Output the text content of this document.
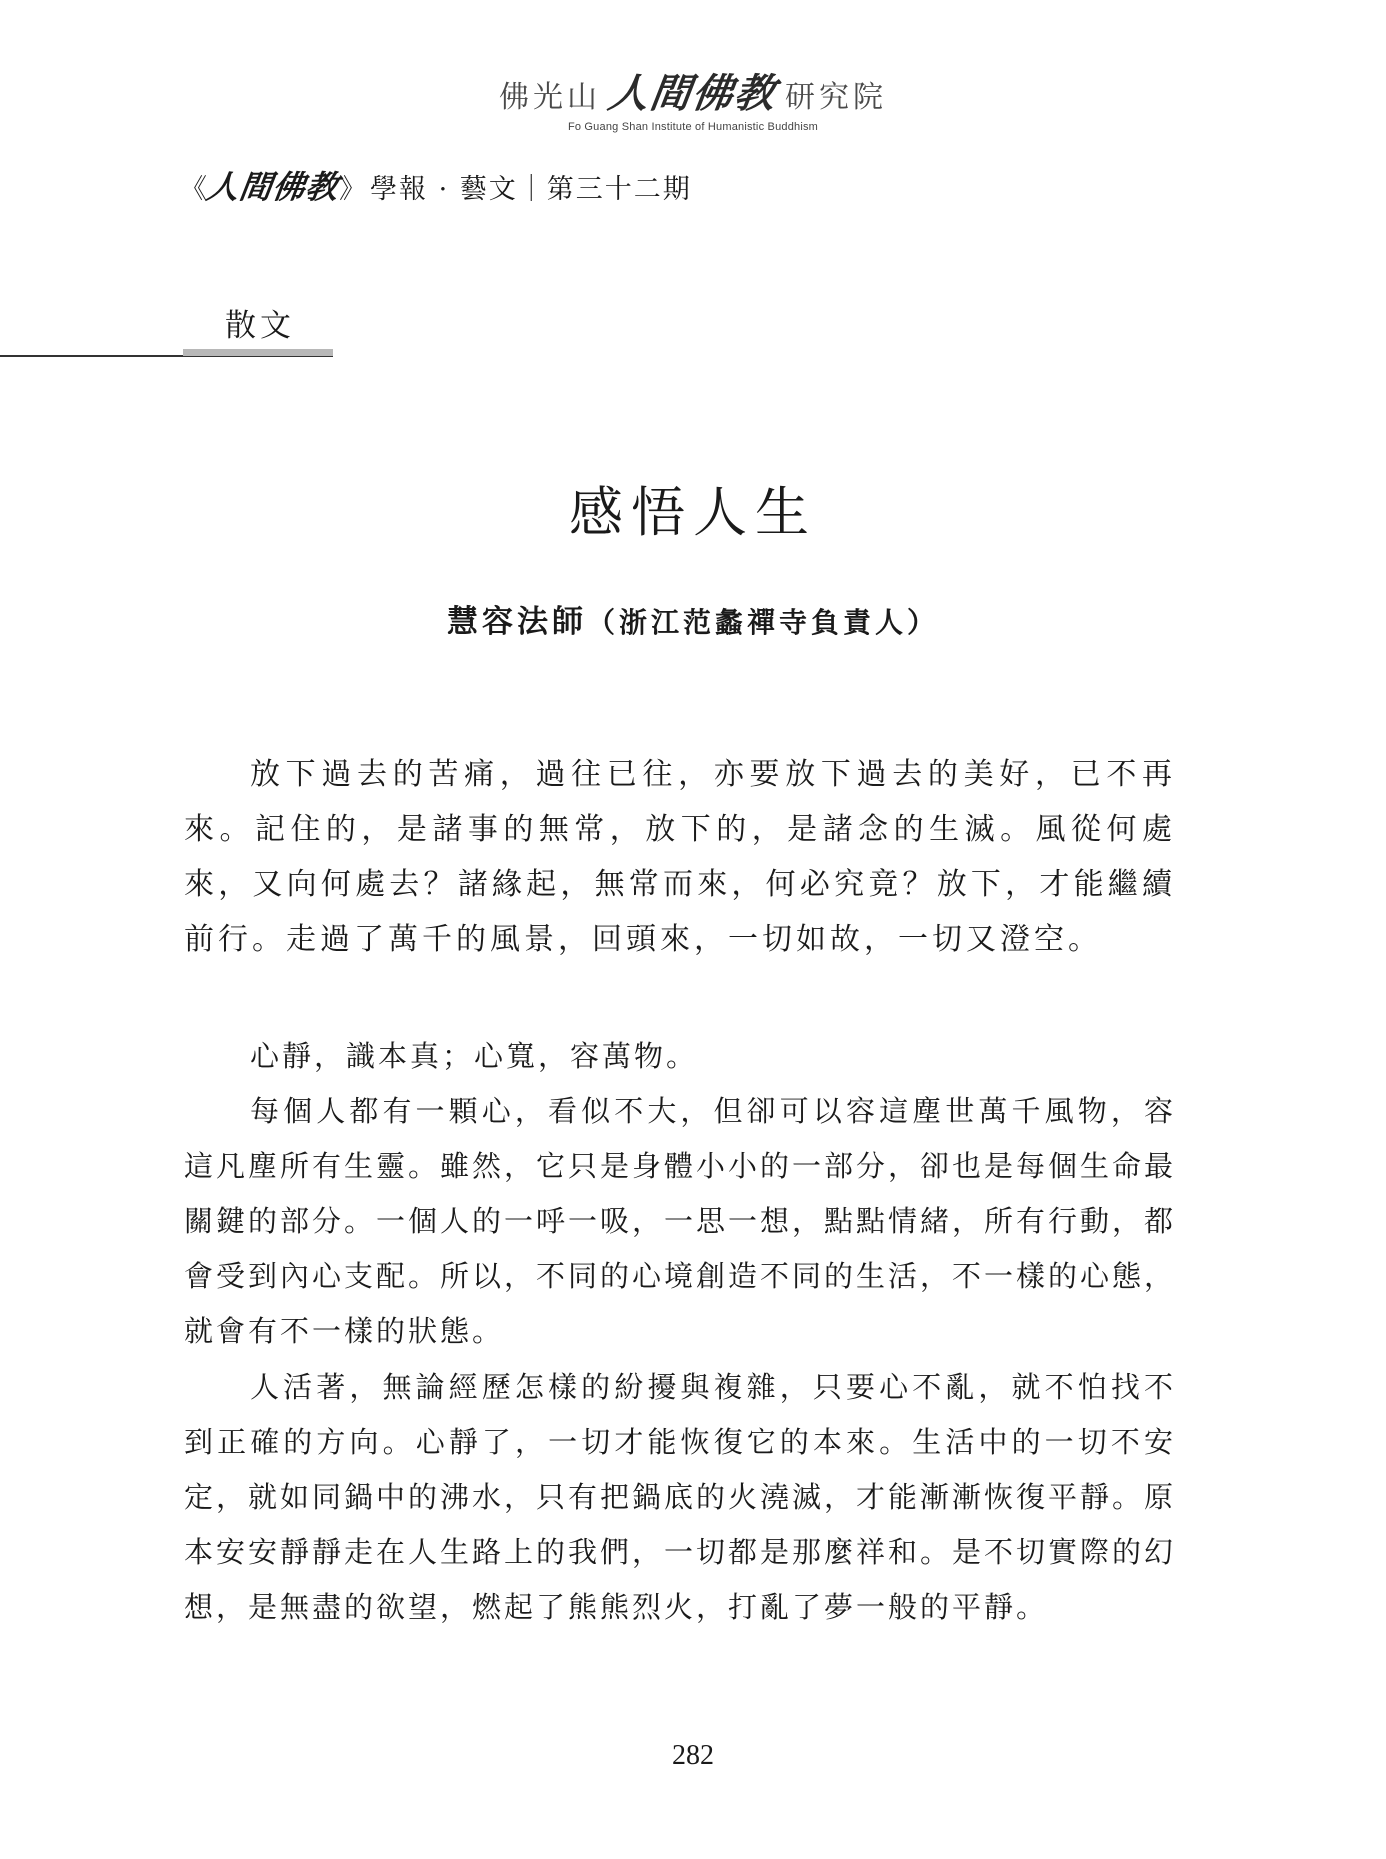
佛光山 人間佛教 研究院
Fo Guang Shan Institute of Humanistic Buddhism
《
人間佛教
》 學報 · 藝文｜第三十二期
散文
感悟人生
慧容法師（浙江范蠡禪寺負責人）

放下過去的苦痛，過往已往，亦要放下過去的美好，已不再來。記住的，是諸事的無常，放下的，是諸念的生滅。風從何處來，又向何處去？諸緣起，無常而來，何必究竟？放下，才能繼續前行。走過了萬千的風景，回頭來，一切如故，一切又澄空。

心靜，識本真；心寬，容萬物。

每個人都有一顆心，看似不大，但卻可以容這塵世萬千風物，容這凡塵所有生靈。雖然，它只是身體小小的一部分，卻也是每個生命最關鍵的部分。一個人的一呼一吸，一思一想，點點情緒，所有行動，都會受到內心支配。所以，不同的心境創造不同的生活，不一樣的心態，就會有不一樣的狀態。

人活著，無論經歷怎樣的紛擾與複雜，只要心不亂，就不怕找不到正確的方向。心靜了，一切才能恢復它的本來。生活中的一切不安定，就如同鍋中的沸水，只有把鍋底的火澆滅，才能漸漸恢復平靜。原本安安靜靜走在人生路上的我們，一切都是那麼祥和。是不切實際的幻想，是無盡的欲望，燃起了熊熊烈火，打亂了夢一般的平靜。

282
